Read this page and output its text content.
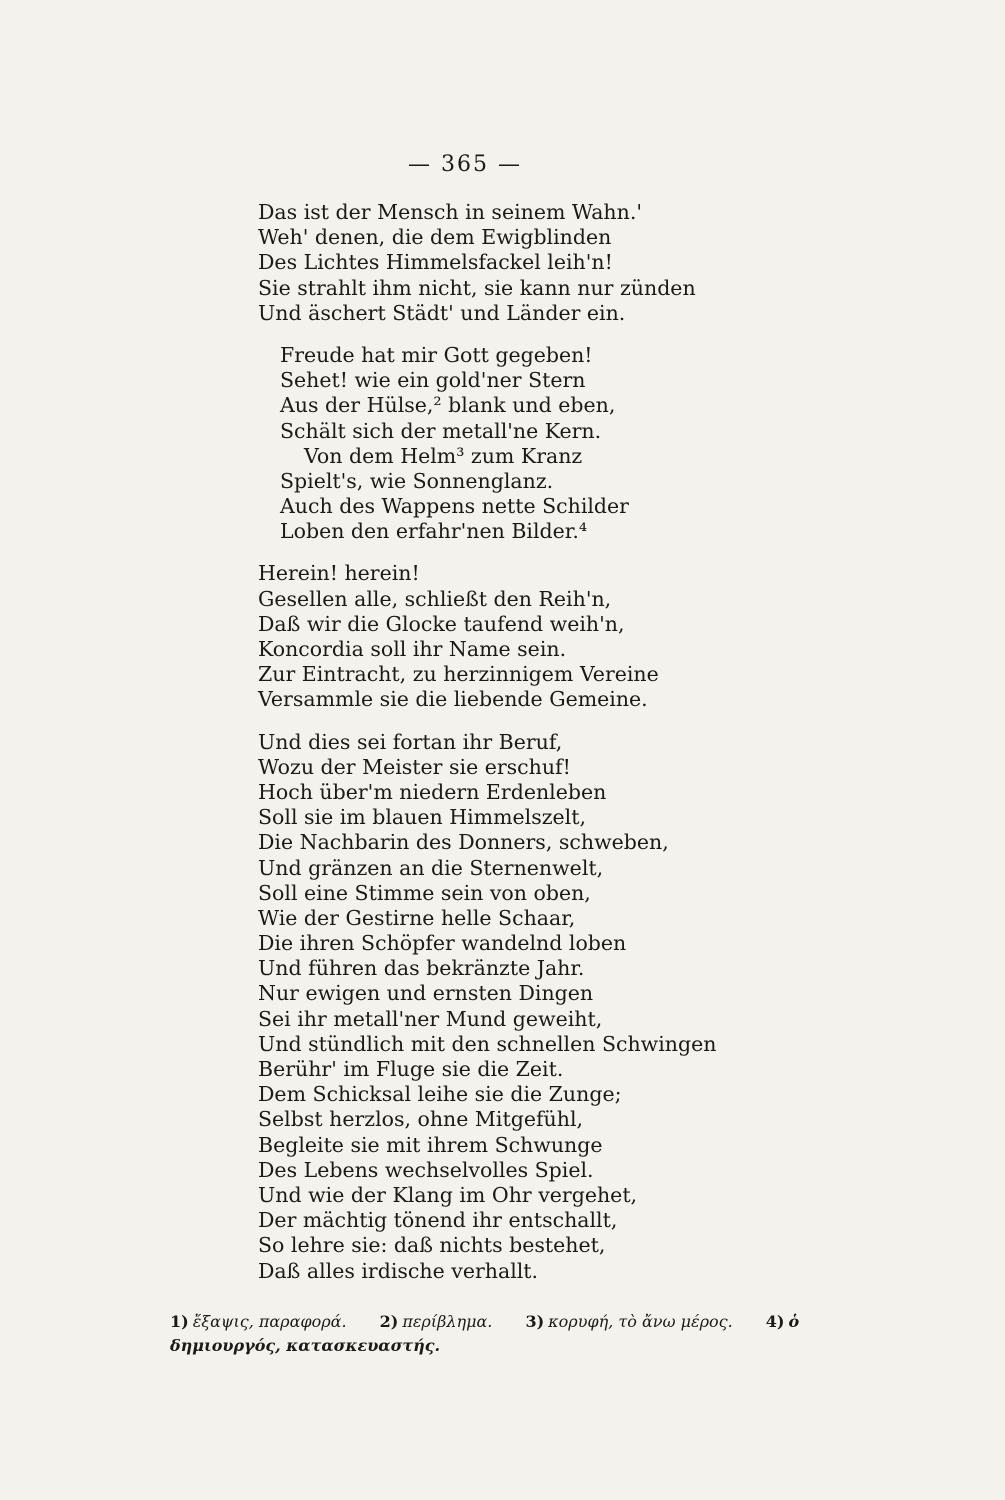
— 365 —
Das ist der Mensch in seinem Wahn.'
Weh' denen, die dem Ewigblinden
Des Lichtes Himmelsfackel leih'n!
Sie strahlt ihm nicht, sie kann nur zünden
Und äschert Städt' und Länder ein.
Freude hat mir Gott gegeben!
Sehet! wie ein gold'ner Stern
Aus der Hülse,² blank und eben,
Schält sich der metall'ne Kern.
Von dem Helm³ zum Kranz
Spielt's, wie Sonnenglanz.
Auch des Wappens nette Schilder
Loben den erfahr'nen Bilder.⁴
Herein! herein!
Gesellen alle, schließt den Reih'n,
Daß wir die Glocke taufend weih'n,
Koncordia soll ihr Name sein.
Zur Eintracht, zu herzinnigem Vereine
Versammle sie die liebende Gemeine.
Und dies sei fortan ihr Beruf,
Wozu der Meister sie erschuf!
Hoch über'm niedern Erdenleben
Soll sie im blauen Himmelszelt,
Die Nachbarin des Donners, schweben,
Und gränzen an die Sternenwelt,
Soll eine Stimme sein von oben,
Wie der Gestirne helle Schaar,
Die ihren Schöpfer wandelnd loben
Und führen das bekränzte Jahr.
Nur ewigen und ernsten Dingen
Sei ihr metall'ner Mund geweiht,
Und stündlich mit den schnellen Schwingen
Berühr' im Fluge sie die Zeit.
Dem Schicksal leihe sie die Zunge;
Selbst herzlos, ohne Mitgefühl,
Begleite sie mit ihrem Schwunge
Des Lebens wechselvolles Spiel.
Und wie der Klang im Ohr vergehet,
Der mächtig tönend ihr entschallt,
So lehre sie: daß nichts bestehet,
Daß alles irdische verhallt.
1) ἔξαψις, παραφορά. 2) περίβλημα. 3) κορυφή, τὸ ἄνω μέρος. 4) ὁ
δημιουργός, κατασκευαστής.
